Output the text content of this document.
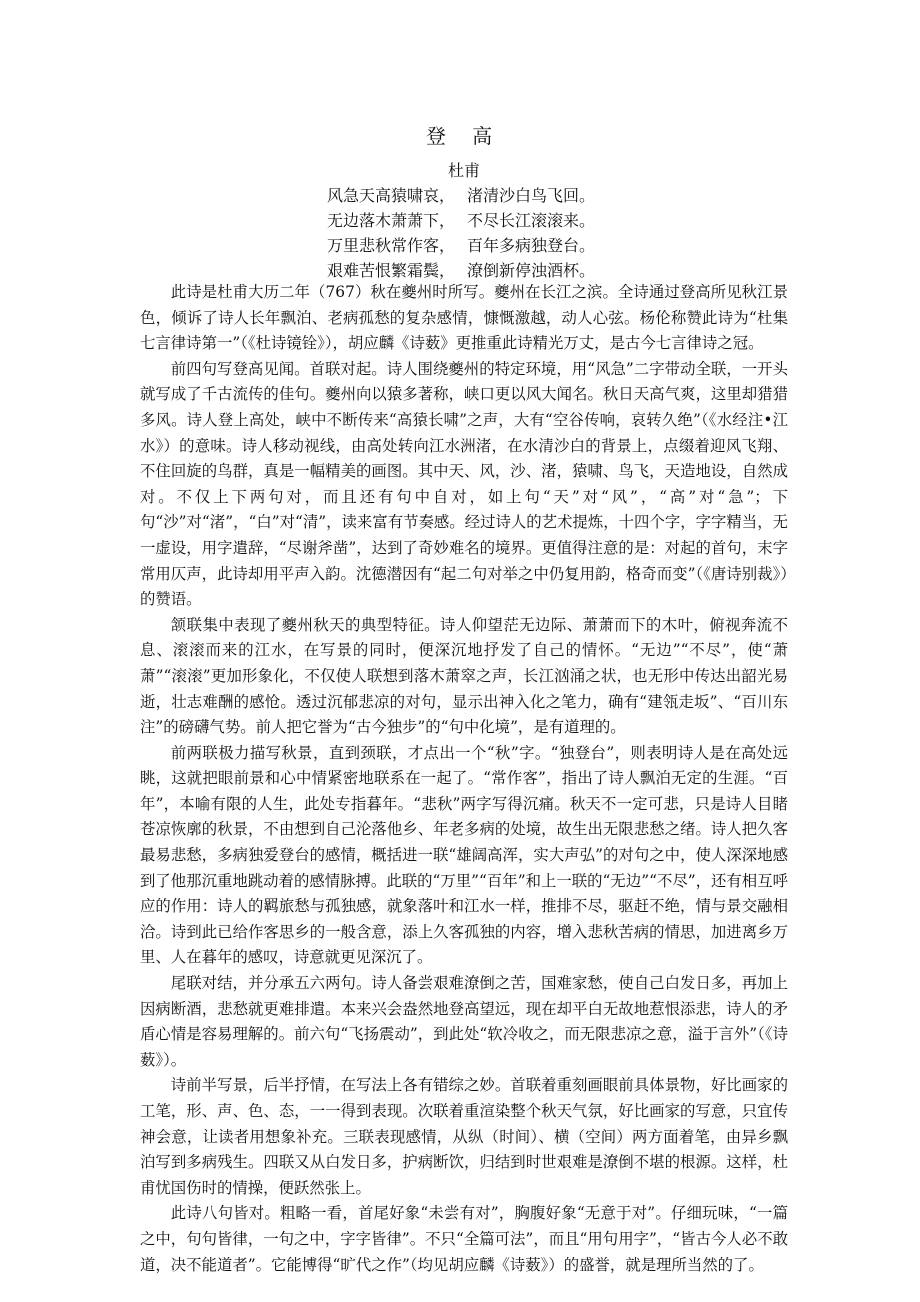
登 高
杜甫
风急天高猿啸哀， 渚清沙白鸟飞回。
无边落木萧萧下， 不尽长江滚滚来。
万里悲秋常作客， 百年多病独登台。
艰难苦恨繁霜鬓， 潦倒新停浊酒杯。

此诗是杜甫大历二年（767）秋在夔州时所写。夔州在长江之滨。全诗通过登高所见秋江景色，倾诉了诗人长年飘泊、老病孤愁的复杂感情，慷慨激越，动人心弦。杨伦称赞此诗为“杜集七言律诗第一”（《杜诗镜铨》），胡应麟《诗薮》更推重此诗精光万丈，是古今七言律诗之冠。

前四句写登高见闻。首联对起。诗人围绕夔州的特定环境，用“风急”二字带动全联，一开头就写成了千古流传的佳句。夔州向以猿多著称，峡口更以风大闻名。秋日天高气爽，这里却猎猎多风。诗人登上高处，峡中不断传来“高猿长啸”之声，大有“空谷传响，哀转久绝”（《水经注•江水》）的意味。诗人移动视线，由高处转向江水洲渚，在水清沙白的背景上，点缀着迎风飞翔、不住回旋的鸟群，真是一幅精美的画图。其中天、风，沙、渚，猿啸、鸟飞，天造地设，自然成对。不仅上下两句对，而且还有句中自对，如上句“天”对“风”，“高”对“急”；下句“沙”对“渚”，“白”对“清”，读来富有节奏感。经过诗人的艺术提炼，十四个字，字字精当，无一虚设，用字遣辞，“尽谢斧凿”，达到了奇妙难名的境界。更值得注意的是：对起的首句，末字常用仄声，此诗却用平声入韵。沈德潜因有“起二句对举之中仍复用韵，格奇而变”（《唐诗别裁》）的赞语。

颔联集中表现了夔州秋天的典型特征。诗人仰望茫无边际、萧萧而下的木叶，俯视奔流不息、滚滚而来的江水，在写景的同时，便深沉地抒发了自己的情怀。“无边”“不尽”，使“萧萧”“滚滚”更加形象化，不仅使人联想到落木萧窣之声，长江汹涌之状，也无形中传达出韶光易逝，壮志难酬的感怆。透过沉郁悲凉的对句，显示出神入化之笔力，确有“建瓴走坂”、“百川东注”的磅礴气势。前人把它誉为“古今独步”的“句中化境”，是有道理的。

前两联极力描写秋景，直到颈联，才点出一个“秋”字。“独登台”，则表明诗人是在高处远眺，这就把眼前景和心中情紧密地联系在一起了。“常作客”，指出了诗人飘泊无定的生涯。“百年”，本喻有限的人生，此处专指暮年。“悲秋”两字写得沉痛。秋天不一定可悲，只是诗人目睹苍凉恢廓的秋景，不由想到自己沦落他乡、年老多病的处境，故生出无限悲愁之绪。诗人把久客最易悲愁，多病独爱登台的感情，概括进一联“雄阔高浑，实大声弘”的对句之中，使人深深地感到了他那沉重地跳动着的感情脉搏。此联的“万里”“百年”和上一联的“无边”“不尽”，还有相互呼应的作用：诗人的羁旅愁与孤独感，就象落叶和江水一样，推排不尽，驱赶不绝，情与景交融相洽。诗到此已给作客思乡的一般含意，添上久客孤独的内容，增入悲秋苦病的情思，加进离乡万里、人在暮年的感叹，诗意就更见深沉了。

尾联对结，并分承五六两句。诗人备尝艰难潦倒之苦，国难家愁，使自己白发日多，再加上因病断酒，悲愁就更难排遣。本来兴会盎然地登高望远，现在却平白无故地惹恨添悲，诗人的矛盾心情是容易理解的。前六句“飞扬震动”，到此处“软冷收之，而无限悲凉之意，溢于言外”（《诗薮》）。

诗前半写景，后半抒情，在写法上各有错综之妙。首联着重刻画眼前具体景物，好比画家的工笔，形、声、色、态，一一得到表现。次联着重渲染整个秋天气氛，好比画家的写意，只宜传神会意，让读者用想象补充。三联表现感情，从纵（时间）、横（空间）两方面着笔，由异乡飘泊写到多病残生。四联又从白发日多，护病断饮，归结到时世艰难是潦倒不堪的根源。这样，杜甫忧国伤时的情操，便跃然张上。

此诗八句皆对。粗略一看，首尾好象“未尝有对”，胸腹好象“无意于对”。仔细玩味，“一篇之中，句句皆律，一句之中，字字皆律”。不只“全篇可法”，而且“用句用字”，“皆古今人必不敢道，决不能道者”。它能博得“旷代之作”（均见胡应麟《诗薮》）的盛誉，就是理所当然的了。
